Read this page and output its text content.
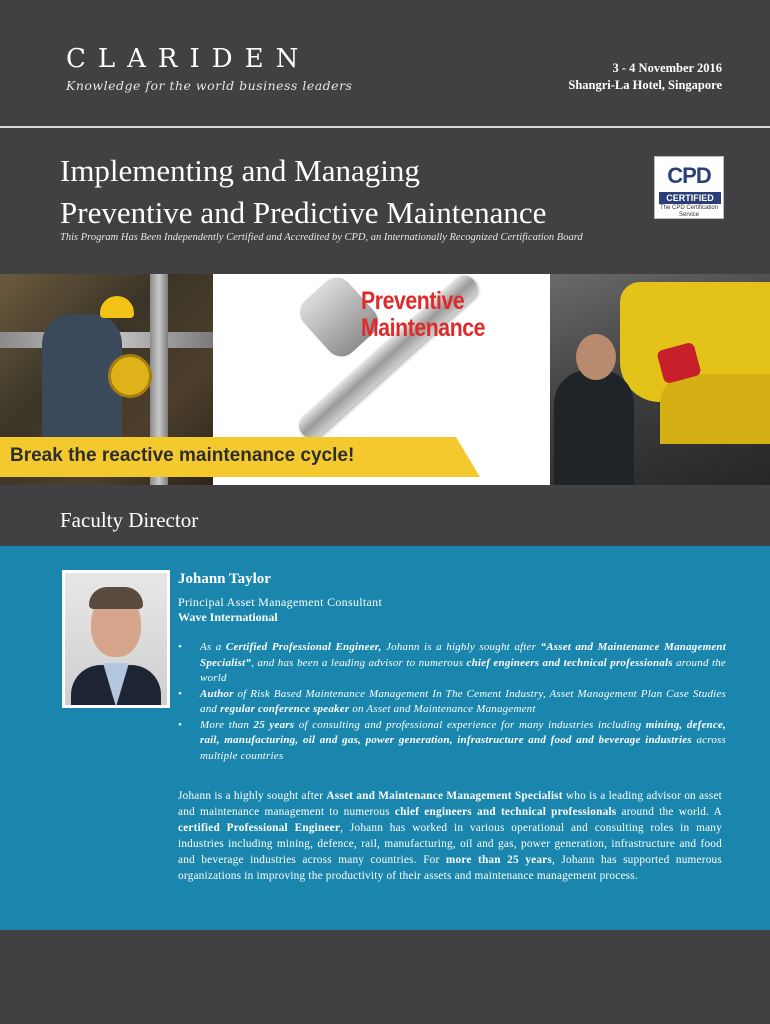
CLARIDEN
Knowledge for the world business leaders
3 - 4 November 2016
Shangri-La Hotel, Singapore
Implementing and Managing
Preventive and Predictive Maintenance
CPD
CERTIFIED
The CPD Certification Service
This Program Has Been Independently Certified and Accredited by CPD, an Internationally Recognized Certification Board
Preventive
Maintenance
Break the reactive maintenance cycle!
Faculty Director
Johann Taylor
Principal Asset Management Consultant
Wave International
• As a Certified Professional Engineer, Johann is a highly sought after “Asset and Maintenance Management Specialist”, and has been a leading advisor to numerous chief engineers and technical professionals around the world
• Author of Risk Based Maintenance Management In The Cement Industry, Asset Management Plan Case Studies and regular conference speaker on Asset and Maintenance Management
• More than 25 years of consulting and professional experience for many industries including mining, defence, rail, manufacturing, oil and gas, power generation, infrastructure and food and beverage industries across multiple countries
Johann is a highly sought after Asset and Maintenance Management Specialist who is a leading advisor on asset and maintenance management to numerous chief engineers and technical professionals around the world. A certified Professional Engineer, Johann has worked in various operational and consulting roles in many industries including mining, defence, rail, manufacturing, oil and gas, power generation, infrastructure and food and beverage industries across many countries. For more than 25 years, Johann has supported numerous organizations in improving the productivity of their assets and maintenance management process.
